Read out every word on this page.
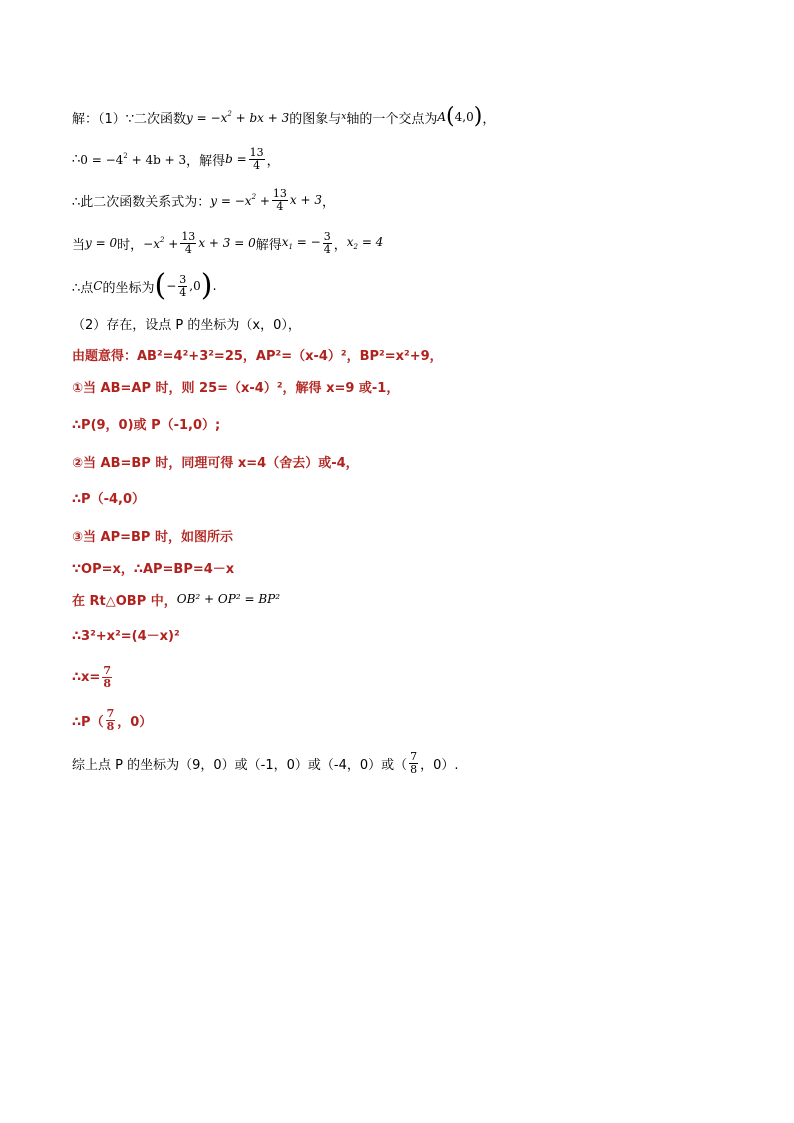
解：（1）∵二次函数 $y = -x^2$ + bx + 3 的图象与 x 轴的一个交点为 A ( 4,0 ) ，
∴ $0 = -4^2 + 4b + 3$ ，解得 $b = \frac{13}{4}$ ，
∴此二次函数关系式为： $y = -x^2 + \frac{13}{4}$ x + 3 ，
当 y = 0 时， $-x^2 + \frac{13}{4}$ x + 3 = 0 解得 $x_1$ = − $\frac{3}{4}$ ， $x_2 = 4$
∴点 C 的坐标为 ( − $\frac{3}{4} ,0$ ) .
（2）存在，设点 P 的坐标为（x，0），
由题意得：AB²=4²+3²=25，AP²=（x-4）²，BP²=x²+9，
①当 AB=AP 时，则 25=（x-4）²，解得 x=9 或-1，
∴P(9，0)或 P（-1,0）;
②当 AB=BP 时，同理可得 x=4（舍去）或-4，
∴P（-4,0）
③当 AP=BP 时，如图所示
∵OP=x，∴AP=BP=4－x
在 Rt△OBP 中， OB² + OP² = BP²
∴3²+x²=(4－x)²
∴x= $\frac{7}{8}$
∴P（ $\frac{7}{8}$ ，0）
综上点 P 的坐标为（9，0）或（-1，0）或（-4，0）或（ $\frac{7}{8}$ ，0）.
